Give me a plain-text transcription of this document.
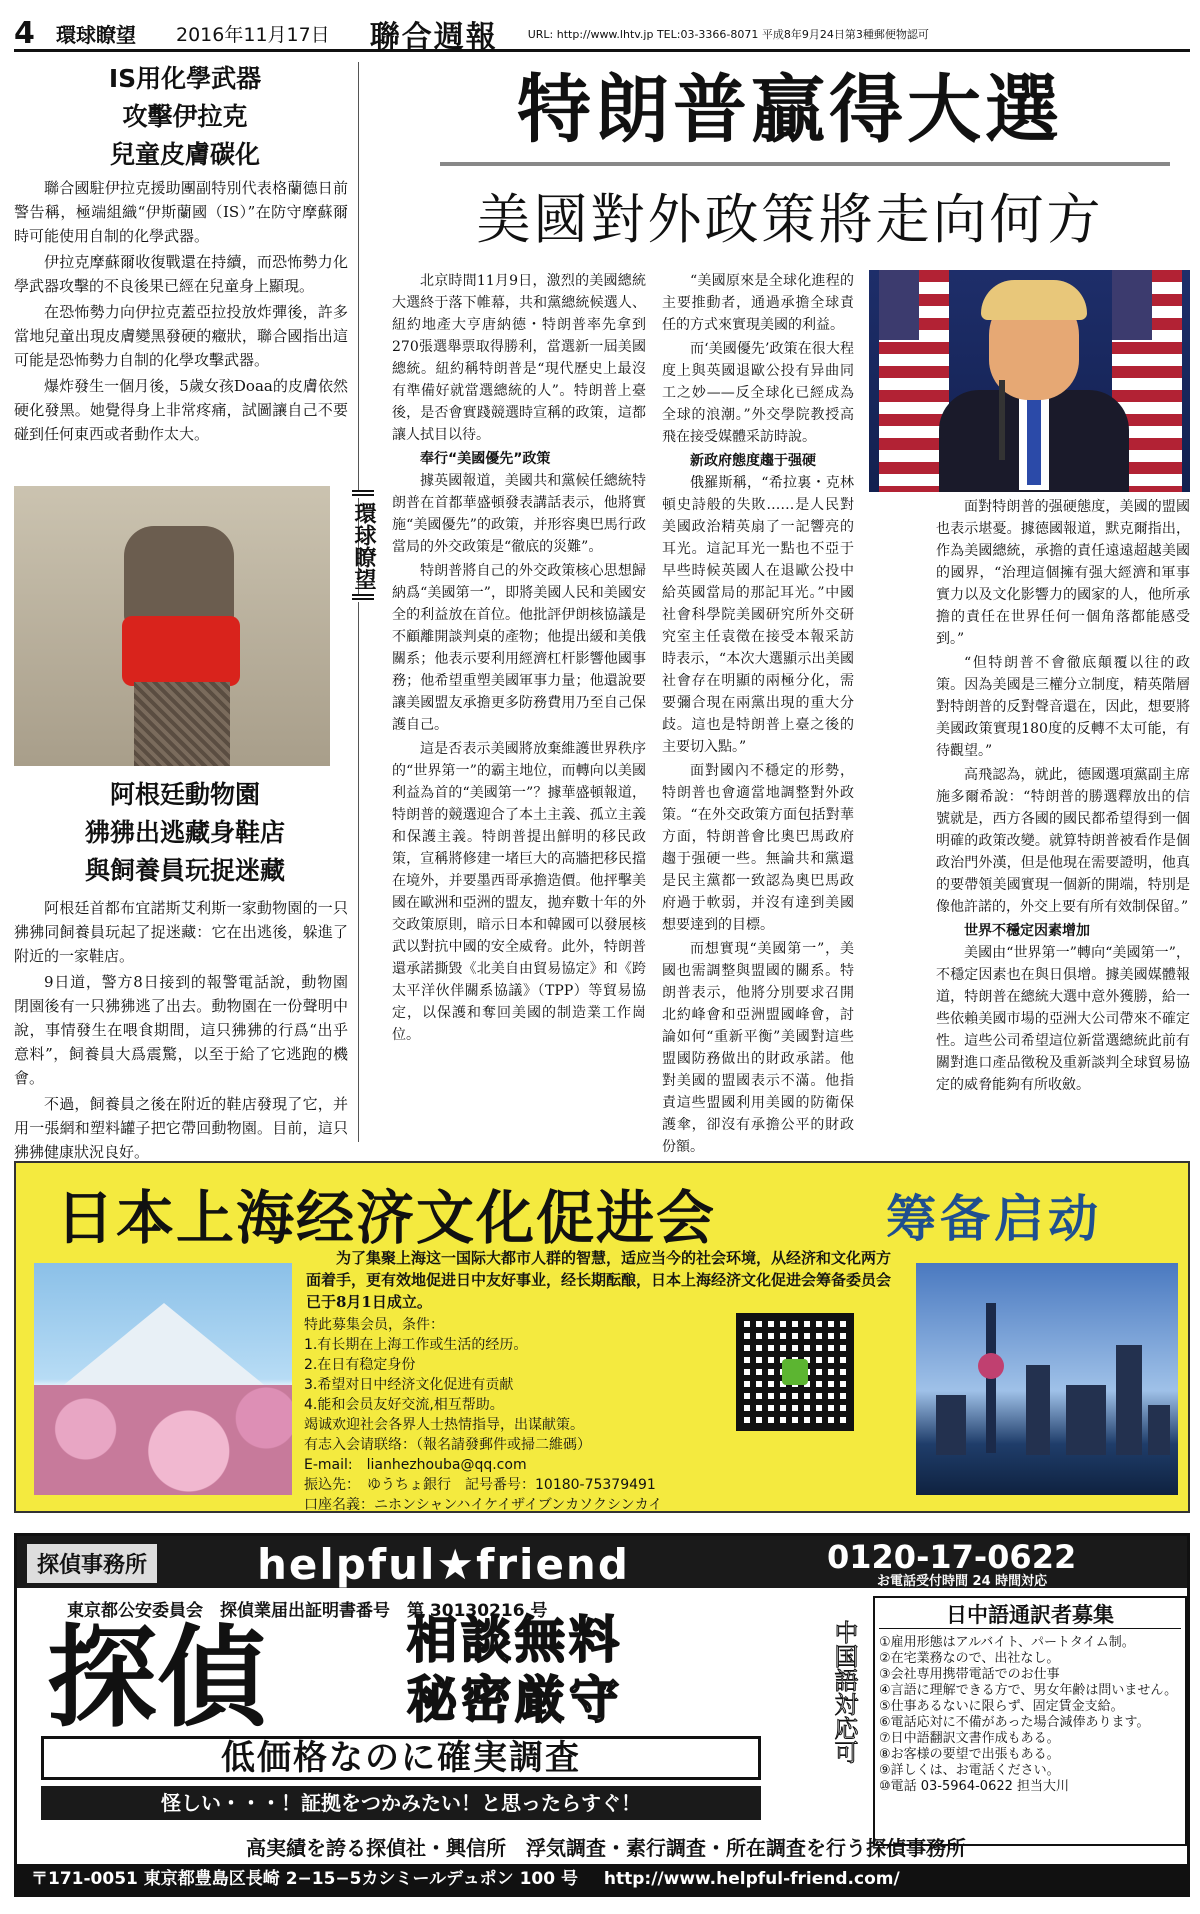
4	環球瞭望 2016年11月17日 聯合週報	URL: http://www.lhtv.jp TEL:03-3366-8071 平成8年9月24日第3種郵便物認可
IS用化學武器
攻擊伊拉克
兒童皮膚碳化

聯合國駐伊拉克援助團副特別代表格蘭德日前警告稱，極端組織“伊斯蘭國（IS）”在防守摩蘇爾時可能使用自制的化學武器。

伊拉克摩蘇爾收復戰還在持續，而恐怖勢力化學武器攻擊的不良後果已經在兒童身上顯現。

在恐怖勢力向伊拉克蓋亞拉投放炸彈後，許多當地兒童出現皮膚變黑發硬的癥狀，聯合國指出這可能是恐怖勢力自制的化學攻擊武器。

爆炸發生一個月後，5歲女孩Doaa的皮膚依然硬化發黑。她覺得身上非常疼痛，試圖讓自己不要碰到任何東西或者動作太大。

環球瞭望
阿根廷動物園
狒狒出逃藏身鞋店
與飼養員玩捉迷藏

阿根廷首都布宜諾斯艾利斯一家動物園的一只狒狒同飼養員玩起了捉迷藏：它在出逃後，躲進了附近的一家鞋店。

9日道，警方8日接到的報警電話說，動物園閉園後有一只狒狒逃了出去。動物園在一份聲明中說，事情發生在喂食期間，這只狒狒的行爲“出乎意料”，飼養員大爲震驚，以至于給了它逃跑的機會。

不過，飼養員之後在附近的鞋店發現了它，并用一張網和塑料罐子把它帶回動物園。目前，這只狒狒健康狀況良好。

特朗普贏得大選
美國對外政策將走向何方

北京時間11月9日，激烈的美國總統大選終于落下帷幕，共和黨總統候選人、紐約地產大亨唐納德・特朗普率先拿到270張選舉票取得勝利，當選新一屆美國總統。紐約稱特朗普是“現代歷史上最沒有準備好就當選總統的人”。特朗普上臺後，是否會實踐競選時宣稱的政策，這都讓人拭目以待。

奉行“美國優先”政策

據英國報道，美國共和黨候任總統特朗普在首都華盛頓發表講話表示，他將實施“美國優先”的政策，并形容奧巴馬行政當局的外交政策是“徹底的災難”。

特朗普將自己的外交政策核心思想歸納爲“美國第一”，即將美國人民和美國安全的利益放在首位。他批評伊朗核協議是不顧離開談判桌的產物；他提出緩和美俄關系；他表示要利用經濟杠杆影響他國事務；他希望重塑美國軍事力量；他還說要讓美國盟友承擔更多防務費用乃至自己保護自己。

這是否表示美國將放棄維護世界秩序的“世界第一”的霸主地位，而轉向以美國利益為首的“美國第一”？據華盛頓報道，特朗普的競選迎合了本土主義、孤立主義和保護主義。特朗普提出鮮明的移民政策，宣稱將修建一堵巨大的高牆把移民擋在境外，并要墨西哥承擔造價。他抨擊美國在歐洲和亞洲的盟友，拋弃數十年的外交政策原則，暗示日本和韓國可以發展核武以對抗中國的安全威脅。此外，特朗普還承諾撕毀《北美自由貿易協定》和《跨太平洋伙伴關系協議》（TPP）等貿易協定，以保護和奪回美國的制造業工作崗位。

“美國原來是全球化進程的主要推動者，通過承擔全球責任的方式來實現美國的利益。

而‘美國優先’政策在很大程度上與英國退歐公投有异曲同工之妙——反全球化已經成為全球的浪潮。”外交學院教授高飛在接受媒體采訪時說。

新政府態度趨于强硬

俄羅斯稱，“希拉裏・克林頓史詩般的失敗……是人民對美國政治精英扇了一記響亮的耳光。這記耳光一點也不亞于早些時候英國人在退歐公投中給英國當局的那記耳光。”中國社會科學院美國研究所外交研究室主任袁徵在接受本報采訪時表示，“本次大選顯示出美國社會存在明顯的兩極分化，需要彌合現在兩黨出現的重大分歧。這也是特朗普上臺之後的主要切入點。”

面對國內不穩定的形勢，特朗普也會適當地調整對外政策。“在外交政策方面包括對華方面，特朗普會比奧巴馬政府趨于强硬一些。無論共和黨還是民主黨都一致認為奧巴馬政府過于軟弱，并沒有達到美國想要達到的目標。

而想實現“美國第一”，美國也需調整與盟國的關系。特朗普表示，他將分別要求召開北約峰會和亞洲盟國峰會，討論如何“重新平衡”美國對這些盟國防務做出的財政承諾。他對美國的盟國表示不滿。他指責這些盟國利用美國的防衛保護傘，卻沒有承擔公平的財政份額。

面對特朗普的强硬態度，美國的盟國也表示堪憂。據德國報道，默克爾指出，作為美國總統，承擔的責任遠遠超越美國的國界，“治理這個擁有强大經濟和軍事實力以及文化影響力的國家的人，他所承擔的責任在世界任何一個角落都能感受到。”

“但特朗普不會徹底顛覆以往的政策。因為美國是三權分立制度，精英階層對特朗普的反對聲音還在，因此，想要將美國政策實現180度的反轉不太可能，有待觀望。”

高飛認為，就此，德國選項黨副主席施多爾希說：“特朗普的勝選釋放出的信號就是，西方各國的國民都希望得到一個明確的政策改變。就算特朗普被看作是個政治門外漢，但是他現在需要證明，他真的要帶領美國實現一個新的開端，特別是像他許諾的，外交上要有所有效制保留。”

世界不穩定因素增加

美國由“世界第一”轉向“美國第一”，不穩定因素也在與日俱增。據美國媒體報道，特朗普在總統大選中意外獲勝，給一些依賴美國市場的亞洲大公司帶來不確定性。這些公司希望這位新當選總統此前有關對進口產品徵稅及重新談判全球貿易協定的威脅能夠有所收斂。

日本上海经济文化促进会	筹备启动
为了集聚上海这一国际大都市人群的智慧，适应当今的社会环境，从经济和文化两方面着手，更有效地促进日中友好事业，经长期酝酿，日本上海经济文化促进会筹备委员会已于8月1日成立。
特此募集会员，条件：
1.有长期在上海工作或生活的经历。
2.在日有稳定身份
3.希望对日中经济文化促进有贡献
4.能和会员友好交流,相互帮助。
竭诚欢迎社会各界人士热情指导，出谋献策。
有志入会请联络：（報名請發郵件或掃二維碼）
E-mail:　lianhezhouba@qq.com
振込先：　ゆうちょ銀行　記号番号：10180-75379491
口座名義：ニホンシャンハイケイザイブンカソクシンカイ
探偵事務所	helpful★friend	0120-17-0622
お電話受付時間 24 時間対応
東京都公安委員会　探偵業届出証明書番号　第 30130216 号
探偵	相談無料
秘密厳守	中国語対応可
日中語通訳者募集
①雇用形態はアルバイト、パートタイム制。
②在宅業務なので、出社なし。
③会社専用携帯電話でのお仕事
④言語に理解できる方で、男女年齢は問いません。
⑤仕事あるないに限らず、固定賃金支給。
⑥電話応対に不備があった場合減俸あります。
⑦日中語翻訳文書作成もある。
⑧お客様の要望で出張もある。
⑨詳しくは、お電話ください。
⑩電話 03-5964-0622 担当大川
低価格なのに確実調査
怪しい・・・！証拠をつかみたい！と思ったらすぐ！
高実績を誇る探偵社・興信所　浮気調査・素行調査・所在調査を行う探偵事務所
〒171-0051 東京都豊島区長崎 2−15−5カシミールデュポン 100 号 http://www.helpful-friend.com/
